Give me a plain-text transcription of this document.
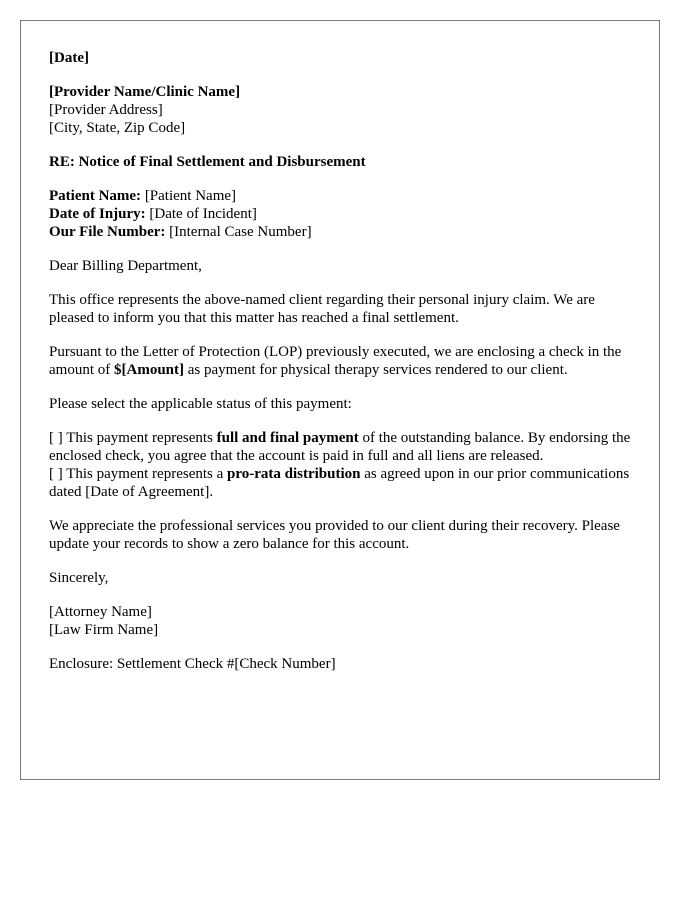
[Date]
[Provider Name/Clinic Name]
[Provider Address]
[City, State, Zip Code]
RE: Notice of Final Settlement and Disbursement
Patient Name: [Patient Name]
Date of Injury: [Date of Incident]
Our File Number: [Internal Case Number]
Dear Billing Department,
This office represents the above-named client regarding their personal injury claim. We are pleased to inform you that this matter has reached a final settlement.
Pursuant to the Letter of Protection (LOP) previously executed, we are enclosing a check in the amount of $[Amount] as payment for physical therapy services rendered to our client.
Please select the applicable status of this payment:
[ ] This payment represents full and final payment of the outstanding balance. By endorsing the enclosed check, you agree that the account is paid in full and all liens are released.
[ ] This payment represents a pro-rata distribution as agreed upon in our prior communications dated [Date of Agreement].
We appreciate the professional services you provided to our client during their recovery. Please update your records to show a zero balance for this account.
Sincerely,
[Attorney Name]
[Law Firm Name]
Enclosure: Settlement Check #[Check Number]
